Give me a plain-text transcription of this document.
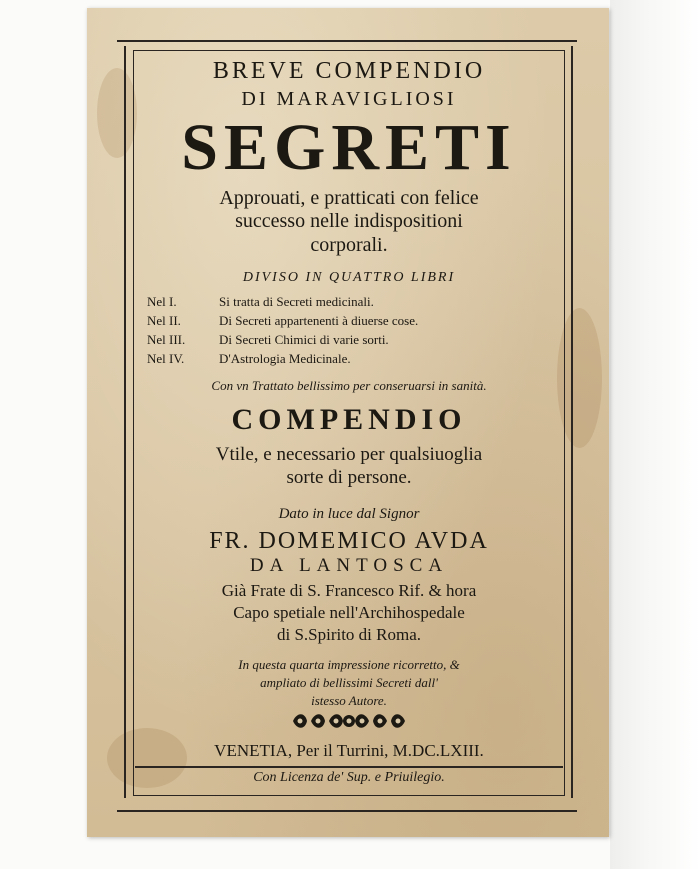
BREVE COMPENDIO
DI MARAVIGLIOSI
SEGRETI
Approuati, e pratticati con felice
successo nelle indispositioni
corporali.
DIVISO IN QUATTRO LIBRI
Nel I.	Si tratta di Secreti medicinali.
Nel II.	Di Secreti appartenenti à diuerse cose.
Nel III.	Di Secreti Chimici di varie sorti.
Nel IV.	D'Astrologia Medicinale.
Con vn Trattato bellissimo per conseruarsi in sanità.
COMPENDIO
Vtile, e necessario per qualsiuoglia
sorte di persone.
Dato in luce dal Signor
FR. DOMEMICO AVDA
DA LANTOSCA
Già Frate di S. Francesco Rif. & hora
Capo spetiale nell'Archihospedale
di S.Spirito di Roma.
In questa quarta impressione ricorretto, &
ampliato di bellissimi Secreti dall'
istesso Autore.
VENETIA, Per il Turrini, M.DC.LXIII.
Con Licenza de' Sup. e Priuilegio.
